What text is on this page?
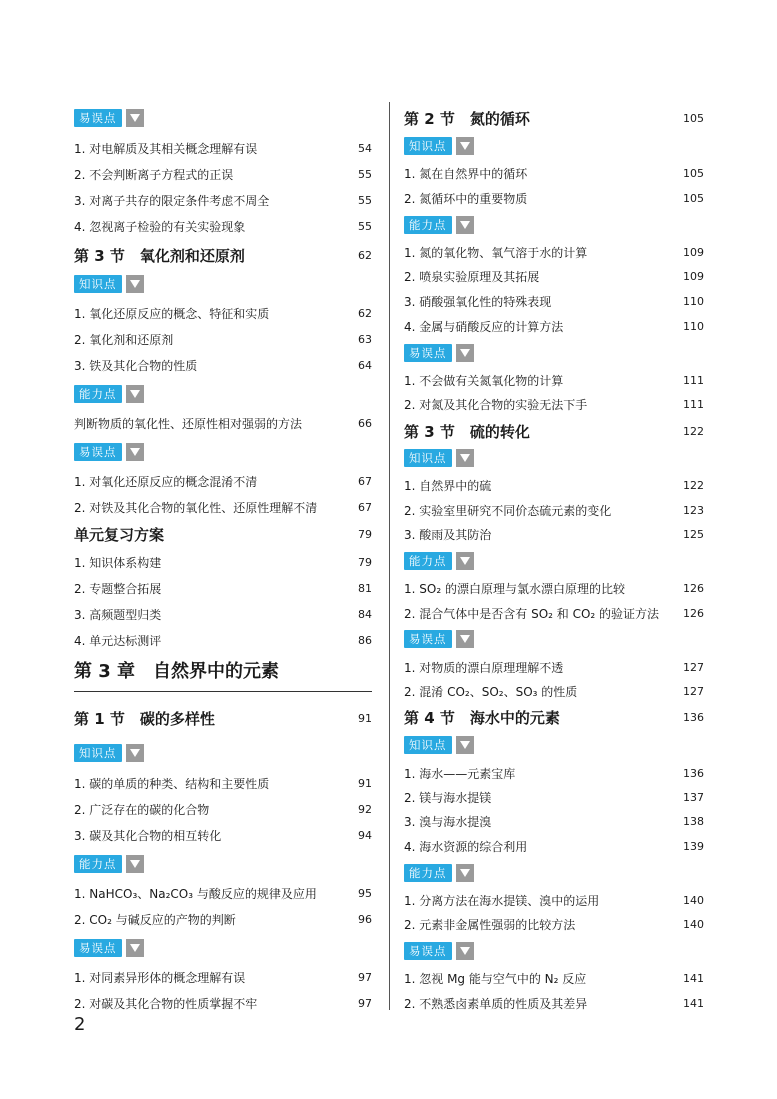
易误点
1. 对电解质及其相关概念理解有误	54
2. 不会判断离子方程式的正误	55
3. 对离子共存的限定条件考虑不周全	55
4. 忽视离子检验的有关实验现象	55
第 3 节　氧化剂和还原剂	62
知识点
1. 氧化还原反应的概念、特征和实质	62
2. 氧化剂和还原剂	63
3. 铁及其化合物的性质	64
能力点
判断物质的氧化性、还原性相对强弱的方法	66
易误点
1. 对氧化还原反应的概念混淆不清	67
2. 对铁及其化合物的氧化性、还原性理解不清	67
单元复习方案	79
1. 知识体系构建	79
2. 专题整合拓展	81
3. 高频题型归类	84
4. 单元达标测评	86
第 3 章　自然界中的元素
第 1 节　碳的多样性	91
知识点
1. 碳的单质的种类、结构和主要性质	91
2. 广泛存在的碳的化合物	92
3. 碳及其化合物的相互转化	94
能力点
1. NaHCO₃、Na₂CO₃ 与酸反应的规律及应用	95
2. CO₂ 与碱反应的产物的判断	96
易误点
1. 对同素异形体的概念理解有误	97
2. 对碳及其化合物的性质掌握不牢	97
第 2 节　氮的循环	105
知识点
1. 氮在自然界中的循环	105
2. 氮循环中的重要物质	105
能力点
1. 氮的氧化物、氧气溶于水的计算	109
2. 喷泉实验原理及其拓展	109
3. 硝酸强氧化性的特殊表现	110
4. 金属与硝酸反应的计算方法	110
易误点
1. 不会做有关氮氧化物的计算	111
2. 对氮及其化合物的实验无法下手	111
第 3 节　硫的转化	122
知识点
1. 自然界中的硫	122
2. 实验室里研究不同价态硫元素的变化	123
3. 酸雨及其防治	125
能力点
1. SO₂ 的漂白原理与氯水漂白原理的比较	126
2. 混合气体中是否含有 SO₂ 和 CO₂ 的验证方法 126
易误点
1. 对物质的漂白原理理解不透	127
2. 混淆 CO₂、SO₂、SO₃ 的性质	127
第 4 节　海水中的元素	136
知识点
1. 海水——元素宝库	136
2. 镁与海水提镁	137
3. 溴与海水提溴	138
4. 海水资源的综合利用	139
能力点
1. 分离方法在海水提镁、溴中的运用	140
2. 元素非金属性强弱的比较方法	140
易误点
1. 忽视 Mg 能与空气中的 N₂ 反应	141
2. 不熟悉卤素单质的性质及其差异	141
2
